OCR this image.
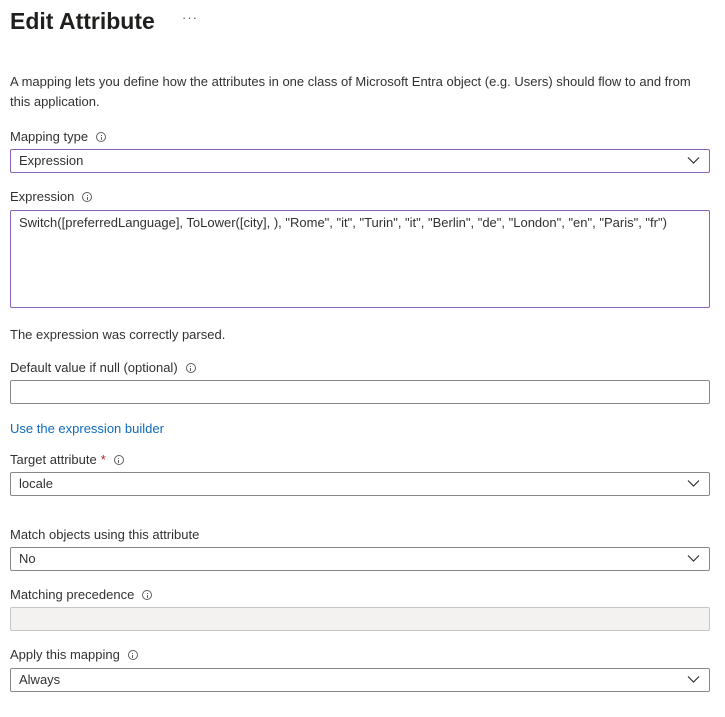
Edit Attribute ···
A mapping lets you define how the attributes in one class of Microsoft Entra object (e.g. Users) should flow to and from this application.
Mapping type
Expression
Expression
Switch([preferredLanguage], ToLower([city], ), "Rome", "it", "Turin", "it", "Berlin", "de", "London", "en", "Paris", "fr")
The expression was correctly parsed.
Default value if null (optional)
Use the expression builder
Target attribute *
locale
Match objects using this attribute
No
Matching precedence
Apply this mapping
Always
